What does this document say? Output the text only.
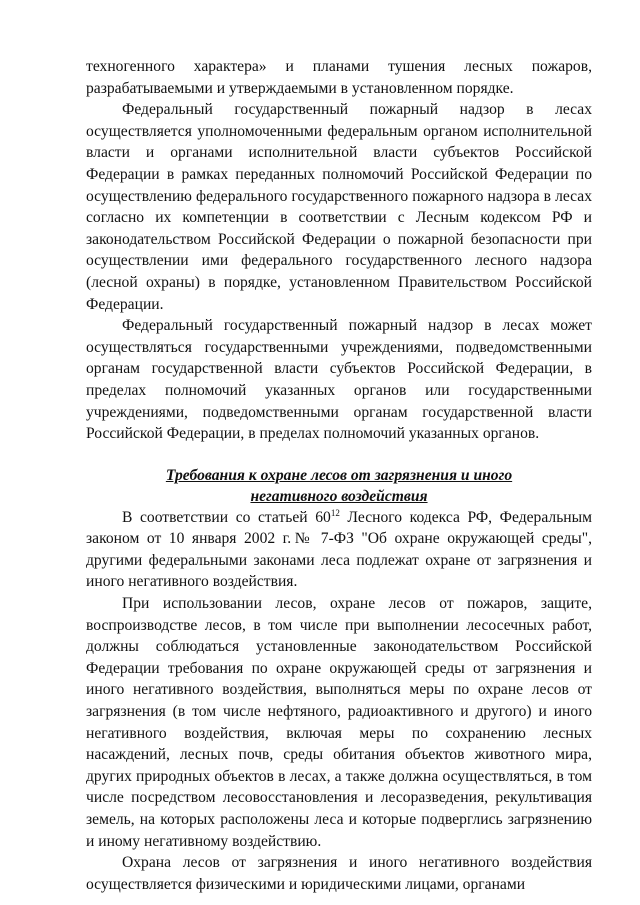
техногенного характера» и планами тушения лесных пожаров, разрабатываемыми и утверждаемыми в установленном порядке.

Федеральный государственный пожарный надзор в лесах осуществляется уполномоченными федеральным органом исполнительной власти и органами исполнительной власти субъектов Российской Федерации в рамках переданных полномочий Российской Федерации по осуществлению федерального государственного пожарного надзора в лесах согласно их компетенции в соответствии с Лесным кодексом РФ и законодательством Российской Федерации о пожарной безопасности при осуществлении ими федерального государственного лесного надзора (лесной охраны) в порядке, установленном Правительством Российской Федерации.

Федеральный государственный пожарный надзор в лесах может осуществляться государственными учреждениями, подведомственными органам государственной власти субъектов Российской Федерации, в пределах полномочий указанных органов или государственными учреждениями, подведомственными органам государственной власти Российской Федерации, в пределах полномочий указанных органов.

Требования к охране лесов от загрязнения и иного
негативного воздействия

В соответствии со статьей $60^{12}$ Лесного кодекса РФ, Федеральным законом от 10 января 2002 г.№ 7-ФЗ "Об охране окружающей среды", другими федеральными законами леса подлежат охране от загрязнения и иного негативного воздействия.

При использовании лесов, охране лесов от пожаров, защите, воспроизводстве лесов, в том числе при выполнении лесосечных работ, должны соблюдаться установленные законодательством Российской Федерации требования по охране окружающей среды от загрязнения и иного негативного воздействия, выполняться меры по охране лесов от загрязнения (в том числе нефтяного, радиоактивного и другого) и иного негативного воздействия, включая меры по сохранению лесных насаждений, лесных почв, среды обитания объектов животного мира, других природных объектов в лесах, а также должна осуществляться, в том числе посредством лесовосстановления и лесоразведения, рекультивация земель, на которых расположены леса и которые подверглись загрязнению и иному негативному воздействию.

Охрана лесов от загрязнения и иного негативного воздействия осуществляется физическими и юридическими лицами, органами
